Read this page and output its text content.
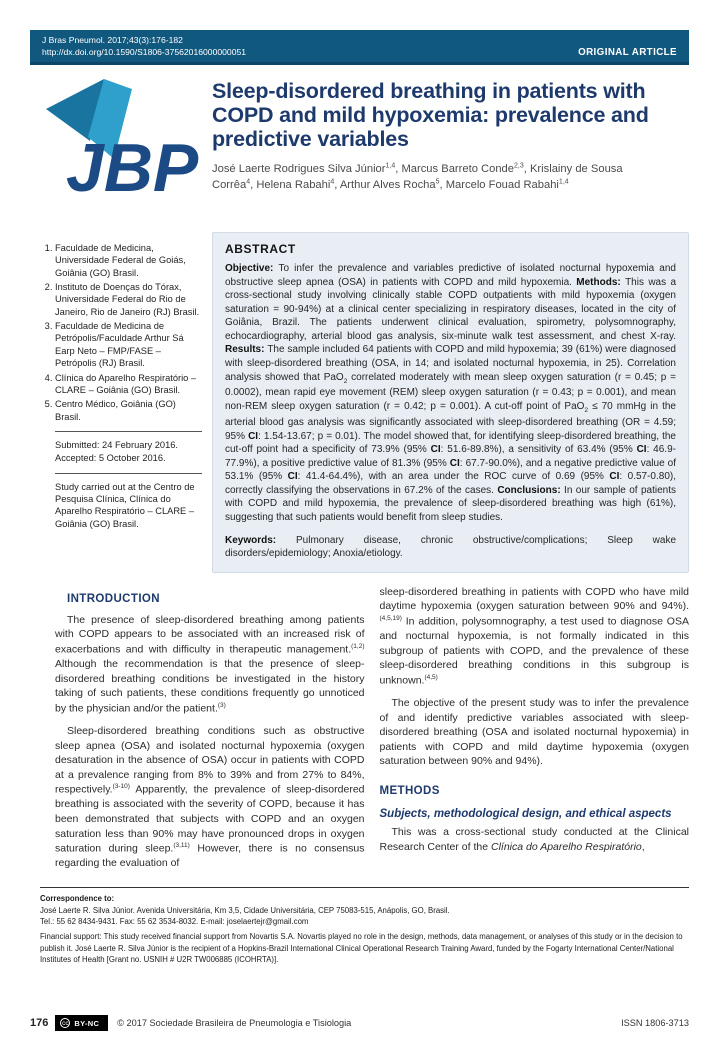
J Bras Pneumol. 2017;43(3):176-182
http://dx.doi.org/10.1590/S1806-37562016000000051	ORIGINAL ARTICLE
JBP
Sleep-disordered breathing in patients with COPD and mild hypoxemia: prevalence and predictive variables

José Laerte Rodrigues Silva Júnior$^{1,4}$, Marcus Barreto Conde$^{2,3}$, Krislainy de Sousa Corrêa$^4$, Helena Rabahi$^4$, Arthur Alves Rocha$^5$, Marcelo Fouad Rabahi$^{1,4}$

1. Faculdade de Medicina, Universidade Federal de Goiás, Goiânia (GO) Brasil.
2. Instituto de Doenças do Tórax, Universidade Federal do Rio de Janeiro, Rio de Janeiro (RJ) Brasil.
3. Faculdade de Medicina de Petrópolis/Faculdade Arthur Sá Earp Neto – FMP/FASE – Petrópolis (RJ) Brasil.
4. Clínica do Aparelho Respiratório – CLARE – Goiânia (GO) Brasil.
5. Centro Médico, Goiânia (GO) Brasil.

Submitted: 24 February 2016.

Accepted: 5 October 2016.

Study carried out at the Centro de Pesquisa Clínica, Clínica do Aparelho Respiratório – CLARE – Goiânia (GO) Brasil.

ABSTRACT

Objective: To infer the prevalence and variables predictive of isolated nocturnal hypoxemia and obstructive sleep apnea (OSA) in patients with COPD and mild hypoxemia. Methods: This was a cross-sectional study involving clinically stable COPD outpatients with mild hypoxemia (oxygen saturation = 90-94%) at a clinical center specializing in respiratory diseases, located in the city of Goiânia, Brazil. The patients underwent clinical evaluation, spirometry, polysomnography, echocardiography, arterial blood gas analysis, six-minute walk test assessment, and chest X-ray. Results: The sample included 64 patients with COPD and mild hypoxemia; 39 (61%) were diagnosed with sleep-disordered breathing (OSA, in 14; and isolated nocturnal hypoxemia, in 25). Correlation analysis showed that PaO$_2$ correlated moderately with mean sleep oxygen saturation (r = 0.45; p = 0.0002), mean rapid eye movement (REM) sleep oxygen saturation (r = 0.43; p = 0.001), and mean non-REM sleep oxygen saturation (r = 0.42; p = 0.001). A cut-off point of PaO$_2$ ≤ 70 mmHg in the arterial blood gas analysis was significantly associated with sleep-disordered breathing (OR = 4.59; 95% CI: 1.54-13.67; p = 0.01). The model showed that, for identifying sleep-disordered breathing, the cut-off point had a specificity of 73.9% (95% CI: 51.6-89.8%), a sensitivity of 63.4% (95% CI: 46.9-77.9%), a positive predictive value of 81.3% (95% CI: 67.7-90.0%), and a negative predictive value of 53.1% (95% CI: 41.4-64.4%), with an area under the ROC curve of 0.69 (95% CI: 0.57-0.80), correctly classifying the observations in 67.2% of the cases. Conclusions: In our sample of patients with COPD and mild hypoxemia, the prevalence of sleep-disordered breathing was high (61%), suggesting that such patients would benefit from sleep studies.

Keywords: Pulmonary disease, chronic obstructive/complications; Sleep wake disorders/epidemiology; Anoxia/etiology.

INTRODUCTION

The presence of sleep-disordered breathing among patients with COPD appears to be associated with an increased risk of exacerbations and with difficulty in therapeutic management.$^{(1,2)}$ Although the recommendation is that the presence of sleep-disordered breathing conditions be investigated in the history taking of such patients, these conditions frequently go unnoticed by the physician and/or the patient.$^{(3)}$

Sleep-disordered breathing conditions such as obstructive sleep apnea (OSA) and isolated nocturnal hypoxemia (oxygen desaturation in the absence of OSA) occur in patients with COPD at a prevalence ranging from 8% to 39% and from 27% to 84%, respectively.$^{(3-10)}$ Apparently, the prevalence of sleep-disordered breathing is associated with the severity of COPD, because it has been demonstrated that subjects with COPD and an oxygen saturation less than 90% may have pronounced drops in oxygen saturation during sleep.$^{(3,11)}$ However, there is no consensus regarding the evaluation of

sleep-disordered breathing in patients with COPD who have mild daytime hypoxemia (oxygen saturation between 90% and 94%).$^{(4,5,19)}$ In addition, polysomnography, a test used to diagnose OSA and nocturnal hypoxemia, is not formally indicated in this subgroup of patients with COPD, and the prevalence of these sleep-disordered breathing conditions in this subgroup is unknown.$^{(4,5)}$

The objective of the present study was to infer the prevalence of and identify predictive variables associated with sleep-disordered breathing (OSA and isolated nocturnal hypoxemia) in patients with COPD and mild daytime hypoxemia (oxygen saturation between 90% and 94%).

METHODS
Subjects, methodological design, and ethical aspects

This was a cross-sectional study conducted at the Clinical Research Center of the Clínica do Aparelho Respiratório,

Correspondence to:
José Laerte R. Silva Júnior. Avenida Universitária, Km 3,5, Cidade Universitária, CEP 75083-515, Anápolis, GO, Brasil.
Tel.: 55 62 8434-9431. Fax: 55 62 3534-8032. E-mail: joselaertejr@gmail.com
Financial support: This study received financial support from Novartis S.A. Novartis played no role in the design, methods, data management, or analyses of this study or in the decision to publish it. José Laerte R. Silva Júnior is the recipient of a Hopkins-Brazil International Clinical Operational Research Training Award, funded by the Fogarty International Center/National Institutes of Health [Grant no. USNIH # U2R TW006885 (ICOHRTA)].
176 cc BY-NC © 2017 Sociedade Brasileira de Pneumologia e Tisiologia	ISSN 1806-3713
